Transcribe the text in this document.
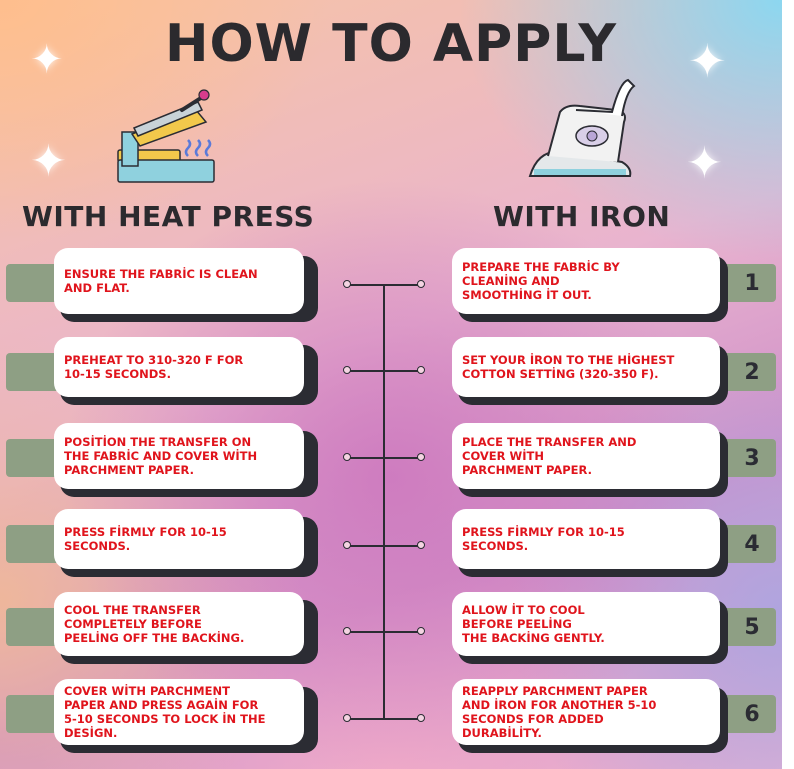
HOW TO APPLY
✦
✦
✦
✦
WITH HEAT PRESS	WITH IRON
ENSURE THE FABRİC IS CLEAN
AND FLAT.
PREPARE THE FABRİC BY
CLEANİNG AND
SMOOTHİNG İT OUT.	1
PREHEAT TO 310-320 F FOR
10-15 SECONDS.
SET YOUR İRON TO THE HİGHEST
COTTON SETTİNG (320-350 F).	2
POSİTİON THE TRANSFER ON
THE FABRİC AND COVER WİTH
PARCHMENT PAPER.
PLACE THE TRANSFER AND
COVER WİTH
PARCHMENT PAPER.	3
PRESS FİRMLY FOR 10-15
SECONDS.
PRESS FİRMLY FOR 10-15
SECONDS.	4
COOL THE TRANSFER
COMPLETELY BEFORE
PEELİNG OFF THE BACKİNG.
ALLOW İT TO COOL
BEFORE PEELİNG
THE BACKİNG GENTLY.	5
COVER WİTH PARCHMENT
PAPER AND PRESS AGAİN FOR
5-10 SECONDS TO LOCK İN THE
DESİGN.
REAPPLY PARCHMENT PAPER
AND İRON FOR ANOTHER 5-10
SECONDS FOR ADDED
DURABİLİTY.
6
